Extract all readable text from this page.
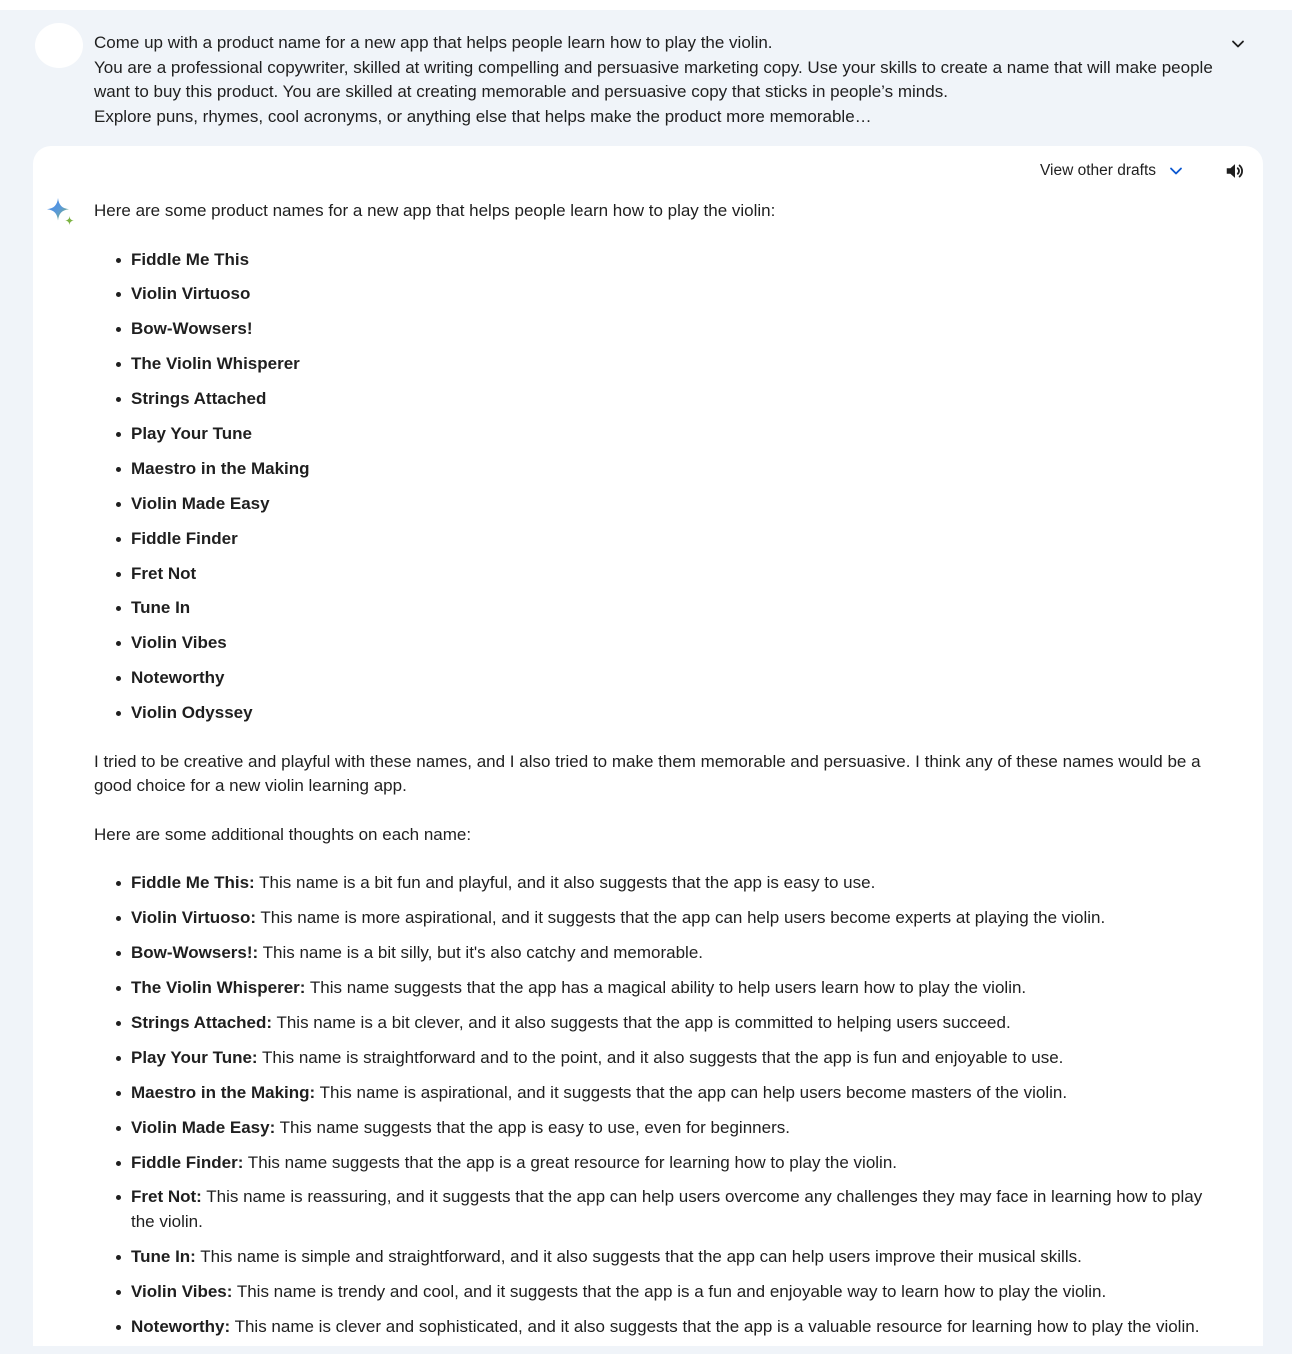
Come up with a product name for a new app that helps people learn how to play the violin.

You are a professional copywriter, skilled at writing compelling and persuasive marketing copy. Use your skills to create a name that will make people want to buy this product. You are skilled at creating memorable and persuasive copy that sticks in people’s minds.

Explore puns, rhymes, cool acronyms, or anything else that helps make the product more memorable…

View other drafts

Here are some product names for a new app that helps people learn how to play the violin:

Fiddle Me This
Violin Virtuoso
Bow-Wowsers!
The Violin Whisperer
Strings Attached
Play Your Tune
Maestro in the Making
Violin Made Easy
Fiddle Finder
Fret Not
Tune In
Violin Vibes
Noteworthy
Violin Odyssey

I tried to be creative and playful with these names, and I also tried to make them memorable and persuasive. I think any of these names would be a good choice for a new violin learning app.

Here are some additional thoughts on each name:

Fiddle Me This: This name is a bit fun and playful, and it also suggests that the app is easy to use.
Violin Virtuoso: This name is more aspirational, and it suggests that the app can help users become experts at playing the violin.
Bow-Wowsers!: This name is a bit silly, but it's also catchy and memorable.
The Violin Whisperer: This name suggests that the app has a magical ability to help users learn how to play the violin.
Strings Attached: This name is a bit clever, and it also suggests that the app is committed to helping users succeed.
Play Your Tune: This name is straightforward and to the point, and it also suggests that the app is fun and enjoyable to use.
Maestro in the Making: This name is aspirational, and it suggests that the app can help users become masters of the violin.
Violin Made Easy: This name suggests that the app is easy to use, even for beginners.
Fiddle Finder: This name suggests that the app is a great resource for learning how to play the violin.
Fret Not: This name is reassuring, and it suggests that the app can help users overcome any challenges they may face in learning how to play the violin.
Tune In: This name is simple and straightforward, and it also suggests that the app can help users improve their musical skills.
Violin Vibes: This name is trendy and cool, and it suggests that the app is a fun and enjoyable way to learn how to play the violin.
Noteworthy: This name is clever and sophisticated, and it also suggests that the app is a valuable resource for learning how to play the violin.
